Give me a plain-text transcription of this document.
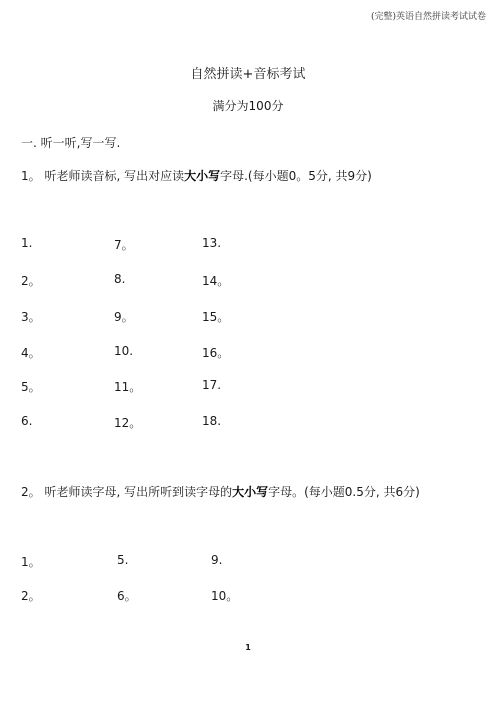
(完整)英语自然拼读考试试卷
自然拼读+音标考试
满分为100分
一. 听一听,写一写.
1。 听老师读音标, 写出对应读大小写字母.(每小题0。5分, 共9分)
1.	7。	13.
2。	8.	14。
3。	9。	15。
4。	10.	16。
5。	11。	17.
6.	12。	18.
2。 听老师读字母, 写出所听到读字母的大小写字母。(每小题0.5分, 共6分)
1。	5.	9.
2。	6。	10。
1
